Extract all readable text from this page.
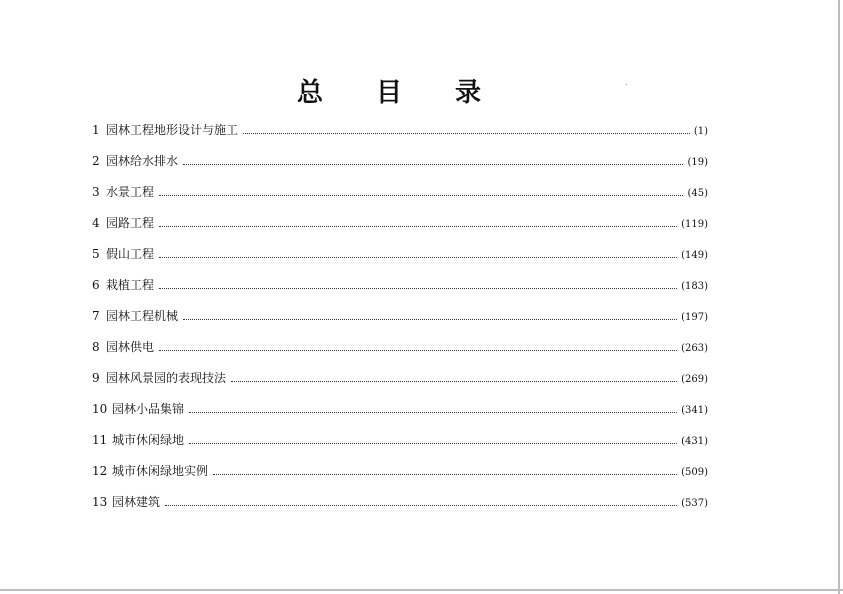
总 目 录
1 园林工程地形设计与施工	(1)
2 园林给水排水	(19)
3 水景工程	(45)
4 园路工程	(119)
5 假山工程	(149)
6 栽植工程	(183)
7 园林工程机械	(197)
8 园林供电	(263)
9 园林风景园的表现技法	(269)
10 园林小品集锦	(341)
11 城市休闲绿地	(431)
12 城市休闲绿地实例	(509)
13 园林建筑	(537)
